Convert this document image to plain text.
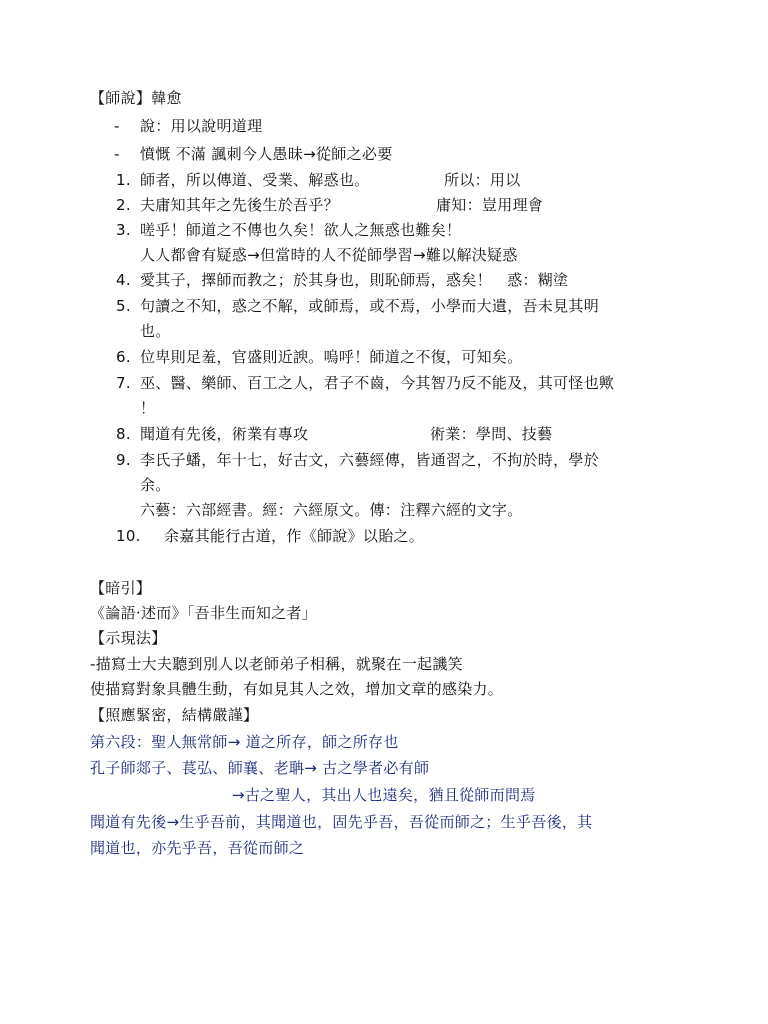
【師說】韓愈
- 說：用以說明道理
- 憤慨 不滿 諷刺今人愚昧→從師之必要
1. 師者，所以傳道、受業、解惑也。	所以：用以
2. 夫庸知其年之先後生於吾乎？	庸知：豈用理會
3. 嗟乎！師道之不傳也久矣！欲人之無惑也難矣！
人人都會有疑惑→但當時的人不從師學習→難以解決疑惑
4. 愛其子，擇師而教之；於其身也，則恥師焉，惑矣！　惑：糊塗
5. 句讀之不知，惑之不解，或師焉，或不焉，小學而大遺，吾未見其明
也。
6. 位卑則足羞，官盛則近諛。嗚呼！師道之不復，可知矣。
7. 巫、醫、樂師、百工之人，君子不齒，今其智乃反不能及，其可怪也歟
！
8. 聞道有先後，術業有專攻	術業：學問、技藝
9. 李氏子蟠，年十七，好古文，六藝經傳，皆通習之，不拘於時，學於
余。
六藝：六部經書。經：六經原文。傳：注釋六經的文字。
10. 余嘉其能行古道，作《師說》以貽之。
【暗引】
《論語‧述而》「吾非生而知之者」
【示現法】
-描寫士大夫聽到別人以老師弟子相稱，就聚在一起譏笑
使描寫對象具體生動，有如見其人之效，增加文章的感染力。
【照應緊密，結構嚴謹】
第六段：聖人無常師→ 道之所存，師之所存也
孔子師郯子、萇弘、師襄、老聃→ 古之學者必有師
→古之聖人，其出人也遠矣，猶且從師而問焉
聞道有先後→生乎吾前，其聞道也，固先乎吾，吾從而師之；生乎吾後，其
聞道也，亦先乎吾，吾從而師之
